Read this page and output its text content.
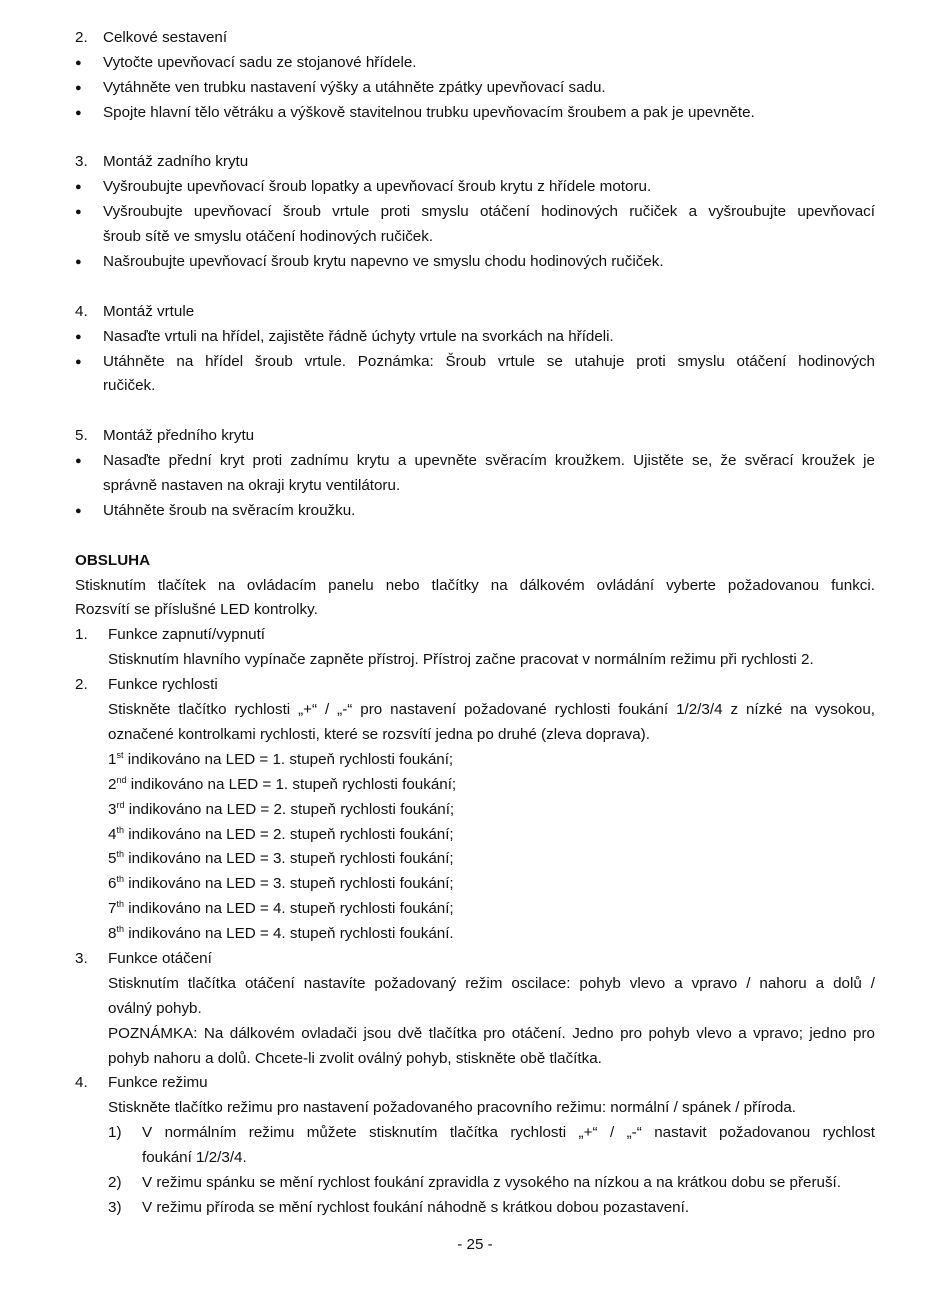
2. Celkové sestavení
● Vytočte upevňovací sadu ze stojanové hřídele.
● Vytáhněte ven trubku nastavení výšky a utáhněte zpátky upevňovací sadu.
● Spojte hlavní tělo větráku a výškově stavitelnou trubku upevňovacím šroubem a pak je upevněte.
3. Montáž zadního krytu
● Vyšroubujte upevňovací šroub lopatky a upevňovací šroub krytu z hřídele motoru.
● Vyšroubujte upevňovací šroub vrtule proti smyslu otáčení hodinových ručiček a vyšroubujte upevňovací
šroub sítě ve smyslu otáčení hodinových ručiček.
● Našroubujte upevňovací šroub krytu napevno ve smyslu chodu hodinových ručiček.
4. Montáž vrtule
● Nasaďte vrtuli na hřídel, zajistěte řádně úchyty vrtule na svorkách na hřídeli.
● Utáhněte na hřídel šroub vrtule. Poznámka: Šroub vrtule se utahuje proti smyslu otáčení hodinových
ručiček.
5. Montáž předního krytu
● Nasaďte přední kryt proti zadnímu krytu a upevněte svěracím kroužkem. Ujistěte se, že svěrací kroužek je
správně nastaven na okraji krytu ventilátoru.
● Utáhněte šroub na svěracím kroužku.
OBSLUHA
Stisknutím tlačítek na ovládacím panelu nebo tlačítky na dálkovém ovládání vyberte požadovanou funkci.
Rozsvítí se příslušné LED kontrolky.
1. Funkce zapnutí/vypnutí
Stisknutím hlavního vypínače zapněte přístroj. Přístroj začne pracovat v normálním režimu při rychlosti 2.
2. Funkce rychlosti
Stiskněte tlačítko rychlosti „+“ / „-“ pro nastavení požadované rychlosti foukání 1/2/3/4 z nízké na vysokou,
označené kontrolkami rychlosti, které se rozsvítí jedna po druhé (zleva doprava).
1st indikováno na LED = 1. stupeň rychlosti foukání;
2nd indikováno na LED = 1. stupeň rychlosti foukání;
3rd indikováno na LED = 2. stupeň rychlosti foukání;
4th indikováno na LED = 2. stupeň rychlosti foukání;
5th indikováno na LED = 3. stupeň rychlosti foukání;
6th indikováno na LED = 3. stupeň rychlosti foukání;
7th indikováno na LED = 4. stupeň rychlosti foukání;
8th indikováno na LED = 4. stupeň rychlosti foukání.
3. Funkce otáčení
Stisknutím tlačítka otáčení nastavíte požadovaný režim oscilace: pohyb vlevo a vpravo / nahoru a dolů /
oválný pohyb.
POZNÁMKA: Na dálkovém ovladači jsou dvě tlačítka pro otáčení. Jedno pro pohyb vlevo a vpravo; jedno pro
pohyb nahoru a dolů. Chcete-li zvolit oválný pohyb, stiskněte obě tlačítka.
4. Funkce režimu
Stiskněte tlačítko režimu pro nastavení požadovaného pracovního režimu: normální / spánek / příroda.
1) V normálním režimu můžete stisknutím tlačítka rychlosti „+“ / „-“ nastavit požadovanou rychlost
foukání 1/2/3/4.
2) V režimu spánku se mění rychlost foukání zpravidla z vysokého na nízkou a na krátkou dobu se přeruší.
3) V režimu příroda se mění rychlost foukání náhodně s krátkou dobou pozastavení.
- 25 -
